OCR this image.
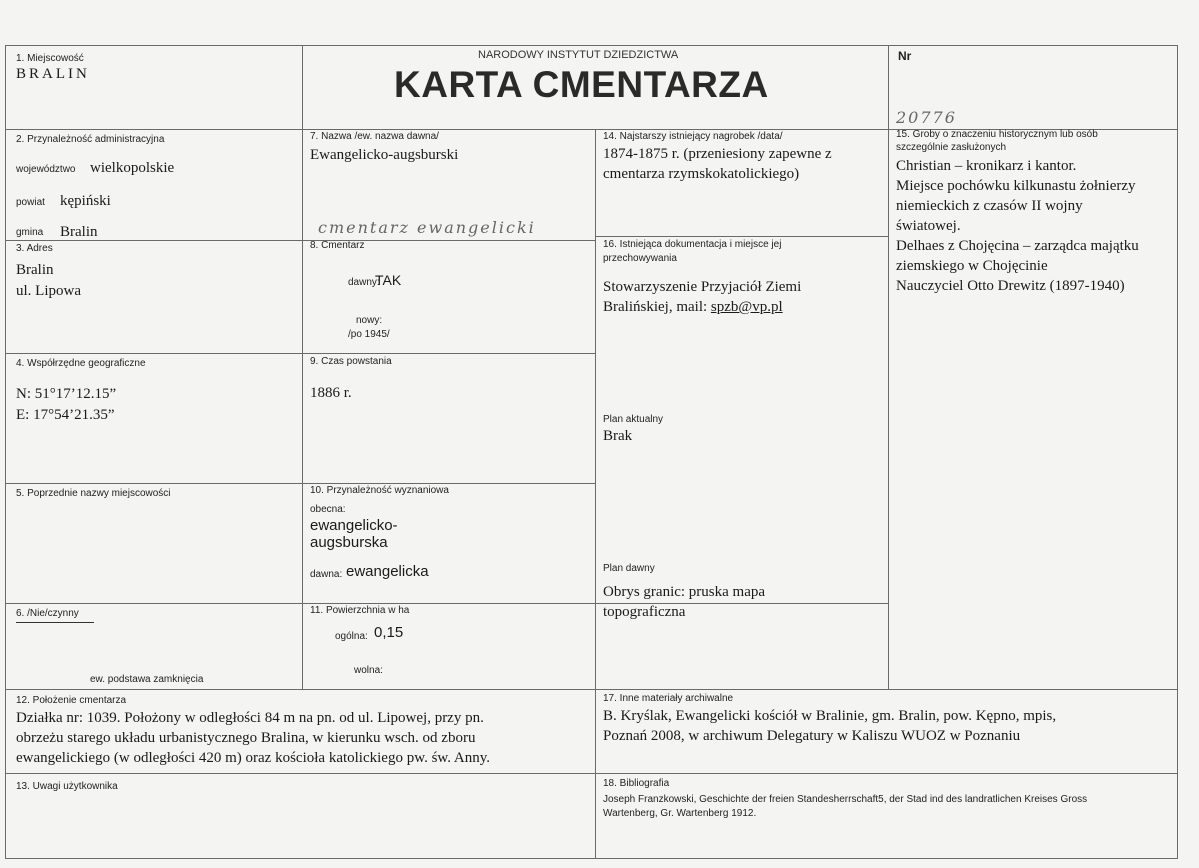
1. Miejscowość
BRALIN
NARODOWY INSTYTUT DZIEDZICTWA
KARTA CMENTARZA
Nr
20776
2. Przynależność administracyjna
województwo wielkopolskie
powiat kępiński
gmina Bralin
3. Adres
Bralin
ul. Lipowa
4. Współrzędne geograficzne
N: 51°17’12.15”
E: 17°54’21.35”
5. Poprzednie nazwy miejscowości
6. /Nie/czynny
ew. podstawa zamknięcia
7. Nazwa /ew. nazwa dawna/
Ewangelicko-augsburski
cmentarz ewangelicki
8. Cmentarz
dawny:
TAK
nowy:
/po 1945/
9. Czas powstania
1886 r.
10. Przynależność wyznaniowa
obecna:
ewangelicko-
augsburska
dawna: ewangelicka
11. Powierzchnia w ha
ogólna: 0,15
wolna:
12. Położenie cmentarza
Działka nr: 1039. Położony w odległości 84 m na pn. od ul. Lipowej, przy pn.
obrzeżu starego układu urbanistycznego Bralina, w kierunku wsch. od zboru
ewangelickiego (w odległości 420 m) oraz kościoła katolickiego pw. św. Anny.
13. Uwagi użytkownika
14. Najstarszy istniejący nagrobek /data/
1874-1875 r. (przeniesiony zapewne z
cmentarza rzymskokatolickiego)
15. Groby o znaczeniu historycznym lub osób
szczególnie zasłużonych
Christian – kronikarz i kantor.
Miejsce pochówku kilkunastu żołnierzy
niemieckich z czasów II wojny
światowej.
Delhaes z Chojęcina – zarządca majątku
ziemskiego w Chojęcinie
Nauczyciel Otto Drewitz (1897-1940)
16. Istniejąca dokumentacja i miejsce jej
przechowywania
Stowarzyszenie Przyjaciół Ziemi
Bralińskiej, mail: spzb@vp.pl
Plan aktualny
Brak
Plan dawny
Obrys granic: pruska mapa
topograficzna
17. Inne materiały archiwalne
B. Kryślak, Ewangelicki kościół w Bralinie, gm. Bralin, pow. Kępno, mpis,
Poznań 2008, w archiwum Delegatury w Kaliszu WUOZ w Poznaniu
18. Bibliografia
Joseph Franzkowski, Geschichte der freien Standesherrschaft5, der Stad ind des landratlichen Kreises Gross
Wartenberg, Gr. Wartenberg 1912.
